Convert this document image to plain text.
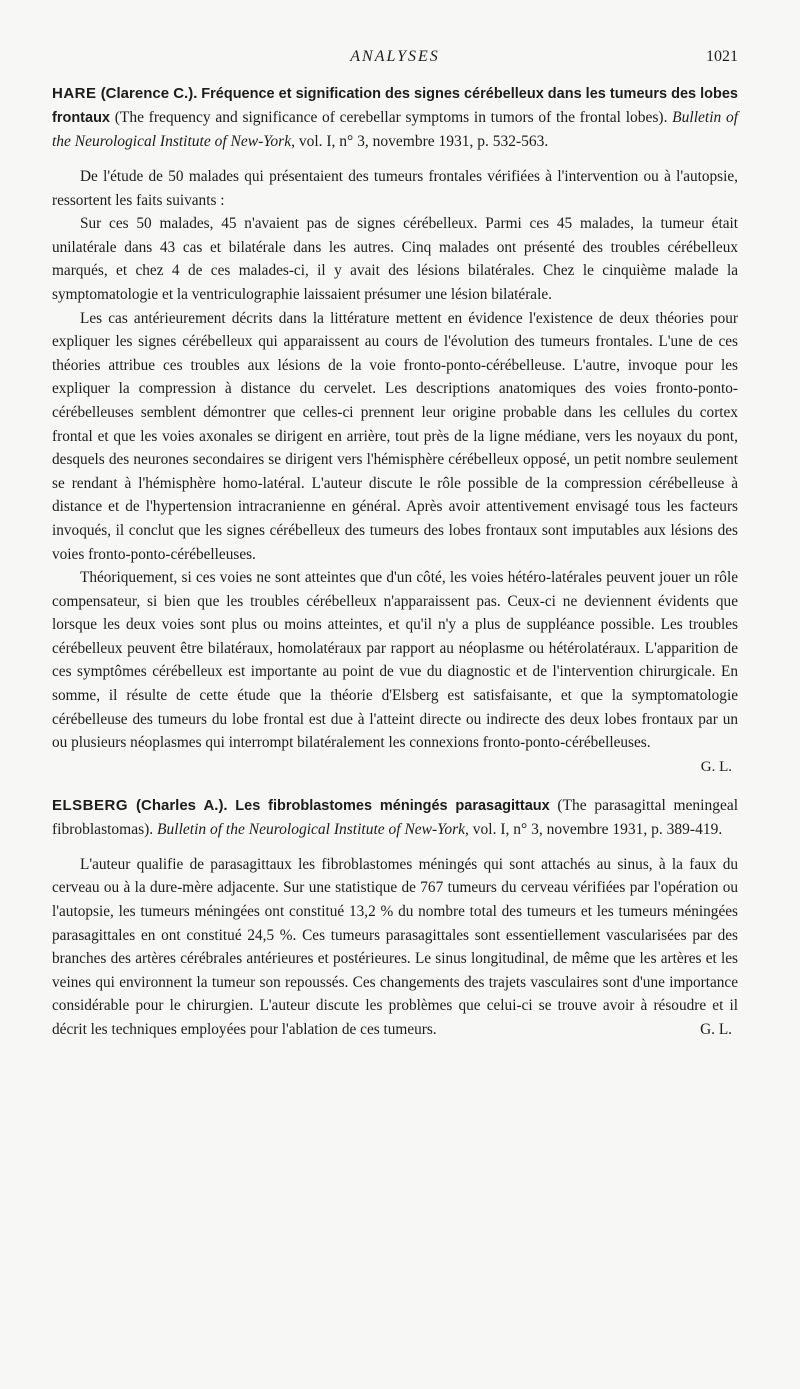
ANALYSES	1021

HARE (Clarence C.). Fréquence et signification des signes cérébelleux dans les tumeurs des lobes frontaux (The frequency and significance of cerebellar symptoms in tumors of the frontal lobes). Bulletin of the Neurological Institute of New-York, vol. I, n° 3, novembre 1931, p. 532-563.

De l'étude de 50 malades qui présentaient des tumeurs frontales vérifiées à l'intervention ou à l'autopsie, ressortent les faits suivants :

Sur ces 50 malades, 45 n'avaient pas de signes cérébelleux. Parmi ces 45 malades, la tumeur était unilatérale dans 43 cas et bilatérale dans les autres. Cinq malades ont présenté des troubles cérébelleux marqués, et chez 4 de ces malades-ci, il y avait des lésions bilatérales. Chez le cinquième malade la symptomatologie et la ventriculographie laissaient présumer une lésion bilatérale.

Les cas antérieurement décrits dans la littérature mettent en évidence l'existence de deux théories pour expliquer les signes cérébelleux qui apparaissent au cours de l'évolution des tumeurs frontales. L'une de ces théories attribue ces troubles aux lésions de la voie fronto-ponto-cérébelleuse. L'autre, invoque pour les expliquer la compression à distance du cervelet. Les descriptions anatomiques des voies fronto-ponto-cérébelleuses semblent démontrer que celles-ci prennent leur origine probable dans les cellules du cortex frontal et que les voies axonales se dirigent en arrière, tout près de la ligne médiane, vers les noyaux du pont, desquels des neurones secondaires se dirigent vers l'hémisphère cérébelleux opposé, un petit nombre seulement se rendant à l'hémisphère homo-latéral. L'auteur discute le rôle possible de la compression cérébelleuse à distance et de l'hypertension intracranienne en général. Après avoir attentivement envisagé tous les facteurs invoqués, il conclut que les signes cérébelleux des tumeurs des lobes frontaux sont imputables aux lésions des voies fronto-ponto-cérébelleuses.

Théoriquement, si ces voies ne sont atteintes que d'un côté, les voies hétéro-latérales peuvent jouer un rôle compensateur, si bien que les troubles cérébelleux n'apparaissent pas. Ceux-ci ne deviennent évidents que lorsque les deux voies sont plus ou moins atteintes, et qu'il n'y a plus de suppléance possible. Les troubles cérébelleux peuvent être bilatéraux, homolatéraux par rapport au néoplasme ou hétérolatéraux. L'apparition de ces symptômes cérébelleux est importante au point de vue du diagnostic et de l'intervention chirurgicale. En somme, il résulte de cette étude que la théorie d'Elsberg est satisfaisante, et que la symptomatologie cérébelleuse des tumeurs du lobe frontal est due à l'atteint directe ou indirecte des deux lobes frontaux par un ou plusieurs néoplasmes qui interrompt bilatéralement les connexions fronto-ponto-cérébelleuses.

G. L.

ELSBERG (Charles A.). Les fibroblastomes méningés parasagittaux (The parasagittal meningeal fibroblastomas). Bulletin of the Neurological Institute of New-York, vol. I, n° 3, novembre 1931, p. 389-419.

L'auteur qualifie de parasagittaux les fibroblastomes méningés qui sont attachés au sinus, à la faux du cerveau ou à la dure-mère adjacente. Sur une statistique de 767 tumeurs du cerveau vérifiées par l'opération ou l'autopsie, les tumeurs méningées ont constitué 13,2 % du nombre total des tumeurs et les tumeurs méningées parasagittales en ont constitué 24,5 %. Ces tumeurs parasagittales sont essentiellement vascularisées par des branches des artères cérébrales antérieures et postérieures. Le sinus longitudinal, de même que les artères et les veines qui environnent la tumeur son repoussés. Ces changements des trajets vasculaires sont d'une importance considérable pour le chirurgien. L'auteur discute les problèmes que celui-ci se trouve avoir à résoudre et il décrit les techniques employées pour l'ablation de ces tumeurs.	G. L.
